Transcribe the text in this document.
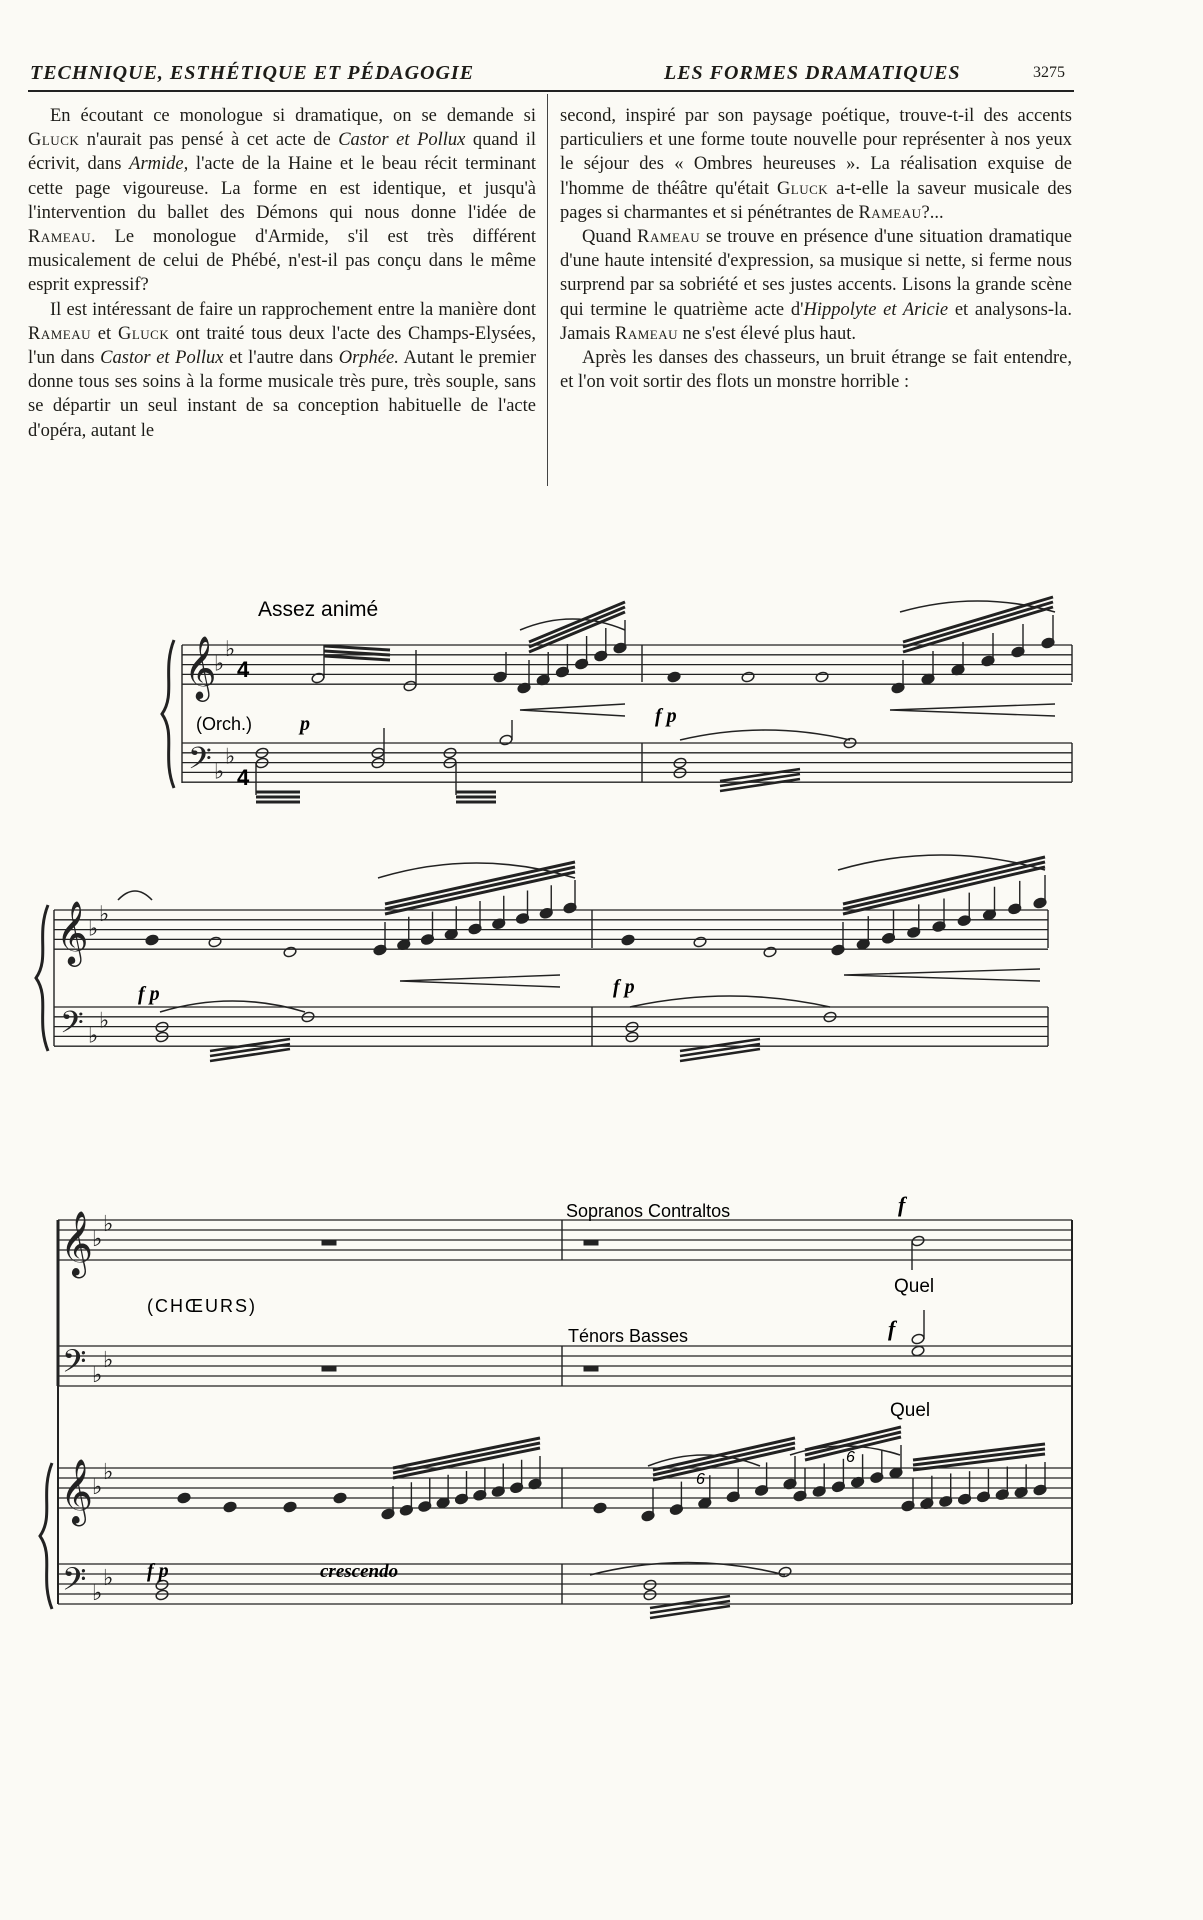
TECHNIQUE, ESTHÉTIQUE ET PÉDAGOGIE	LES FORMES DRAMATIQUES	3275

En écoutant ce monologue si dramatique, on se demande si Gluck n'aurait pas pensé à cet acte de Castor et Pollux quand il écrivit, dans Armide, l'acte de la Haine et le beau récit terminant cette page vigoureuse. La forme en est identique, et jusqu'à l'intervention du ballet des Démons qui nous donne l'idée de Rameau. Le monologue d'Armide, s'il est très différent musicalement de celui de Phébé, n'est-il pas conçu dans le même esprit expressif?

Il est intéressant de faire un rapprochement entre la manière dont Rameau et Gluck ont traité tous deux l'acte des Champs-Elysées, l'un dans Castor et Pollux et l'autre dans Orphée. Autant le premier donne tous ses soins à la forme musicale très pure, très souple, sans se départir un seul instant de sa conception habituelle de l'acte d'opéra, autant le

second, inspiré par son paysage poétique, trouve-t-il des accents particuliers et une forme toute nouvelle pour représenter à nos yeux le séjour des « Ombres heureuses ». La réalisation exquise de l'homme de théâtre qu'était Gluck a-t-elle la saveur musicale des pages si charmantes et si pénétrantes de Rameau?...

Quand Rameau se trouve en présence d'une situation dramatique d'une haute intensité d'expression, sa musique si nette, si ferme nous surprend par sa sobriété et ses justes accents. Lisons la grande scène qui termine le quatrième acte d'Hippolyte et Aricie et analysons-la. Jamais Rameau ne s'est élevé plus haut.

Après les danses des chasseurs, un bruit étrange se fait entendre, et l'on voit sortir des flots un monstre horrible :

𝄞
𝄢
♭
♭
♭
♭
𝄞
𝄢
♭
♭
♭
♭
𝄞
𝄢
𝄞
𝄢
♭
♭
♭
♭
♭
♭
♭
♭
Assez animé
(Orch.) p	f p
4
4
f p	f p
Sopranos Contraltos	f
Quel
(CHŒURS)
Ténors Basses	f
Quel
f p	crescendo
6
6
